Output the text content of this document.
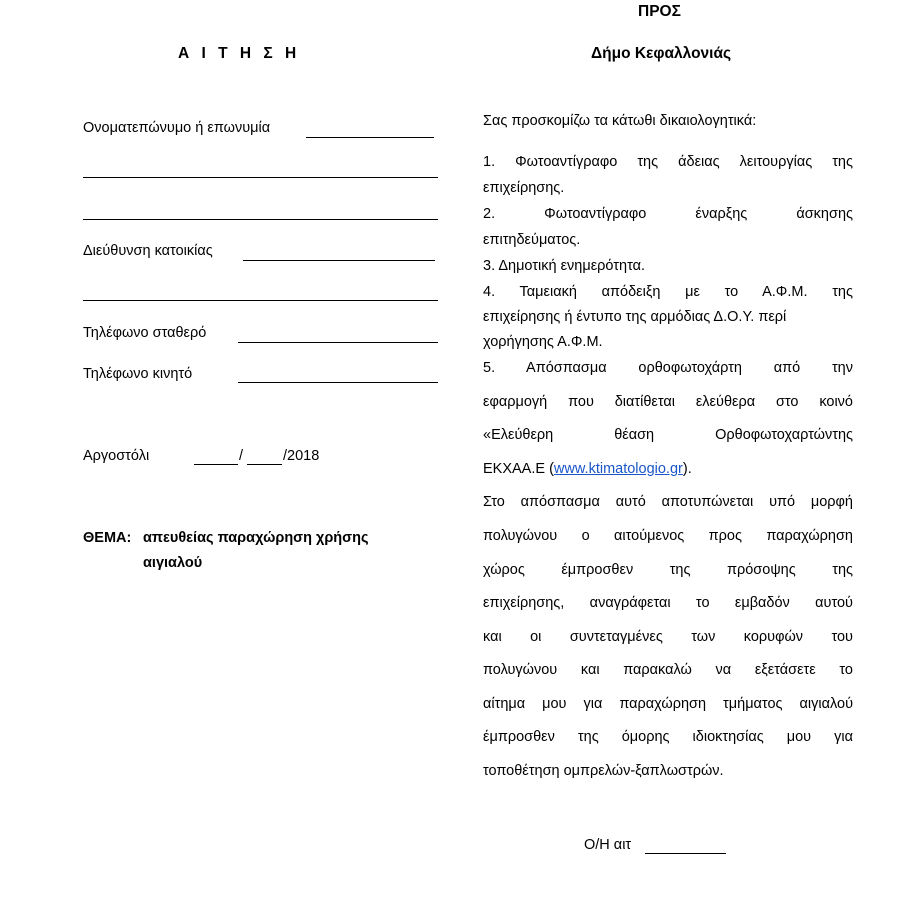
Α Ι Τ Η Σ Η
Ονοματεπώνυμο ή επωνυμία
Διεύθυνση κατοικίας
Τηλέφωνο σταθερό
Τηλέφωνο κινητό
Αργοστόλι	/	/2018
ΘΕΜΑ: απευθείας παραχώρηση χρήσης
αιγιαλού
ΠΡΟΣ
Δήμο Κεφαλλονιάς
Σας προσκομίζω τα κάτωθι δικαιολογητικά:
1. Φωτοαντίγραφο της άδειας λειτουργίας της
επιχείρησης.
2. Φωτοαντίγραφο έναρξης άσκησης
επιτηδεύματος.
3. Δημοτική ενημερότητα.
4. Ταμειακή απόδειξη με το Α.Φ.Μ. της
επιχείρησης ή έντυπο της αρμόδιας Δ.Ο.Υ. περί
χορήγησης Α.Φ.Μ.
5. Απόσπασμα ορθοφωτοχάρτη από την
εφαρμογή που διατίθεται ελεύθερα στο κοινό
«Ελεύθερη θέαση Ορθοφωτοχαρτώντης
ΕΚΧΑΑ.Ε (www.ktimatologio.gr).
Στο απόσπασμα αυτό αποτυπώνεται υπό μορφή
πολυγώνου ο αιτούμενος προς παραχώρηση
χώρος έμπροσθεν της πρόσοψης της
επιχείρησης, αναγράφεται το εμβαδόν αυτού
και οι συντεταγμένες των κορυφών του
πολυγώνου και παρακαλώ να εξετάσετε το
αίτημα μου για παραχώρηση τμήματος αιγιαλού
έμπροσθεν της όμορης ιδιοκτησίας μου για
τοποθέτηση ομπρελών-ξαπλωστρών.
Ο/Η αιτ
